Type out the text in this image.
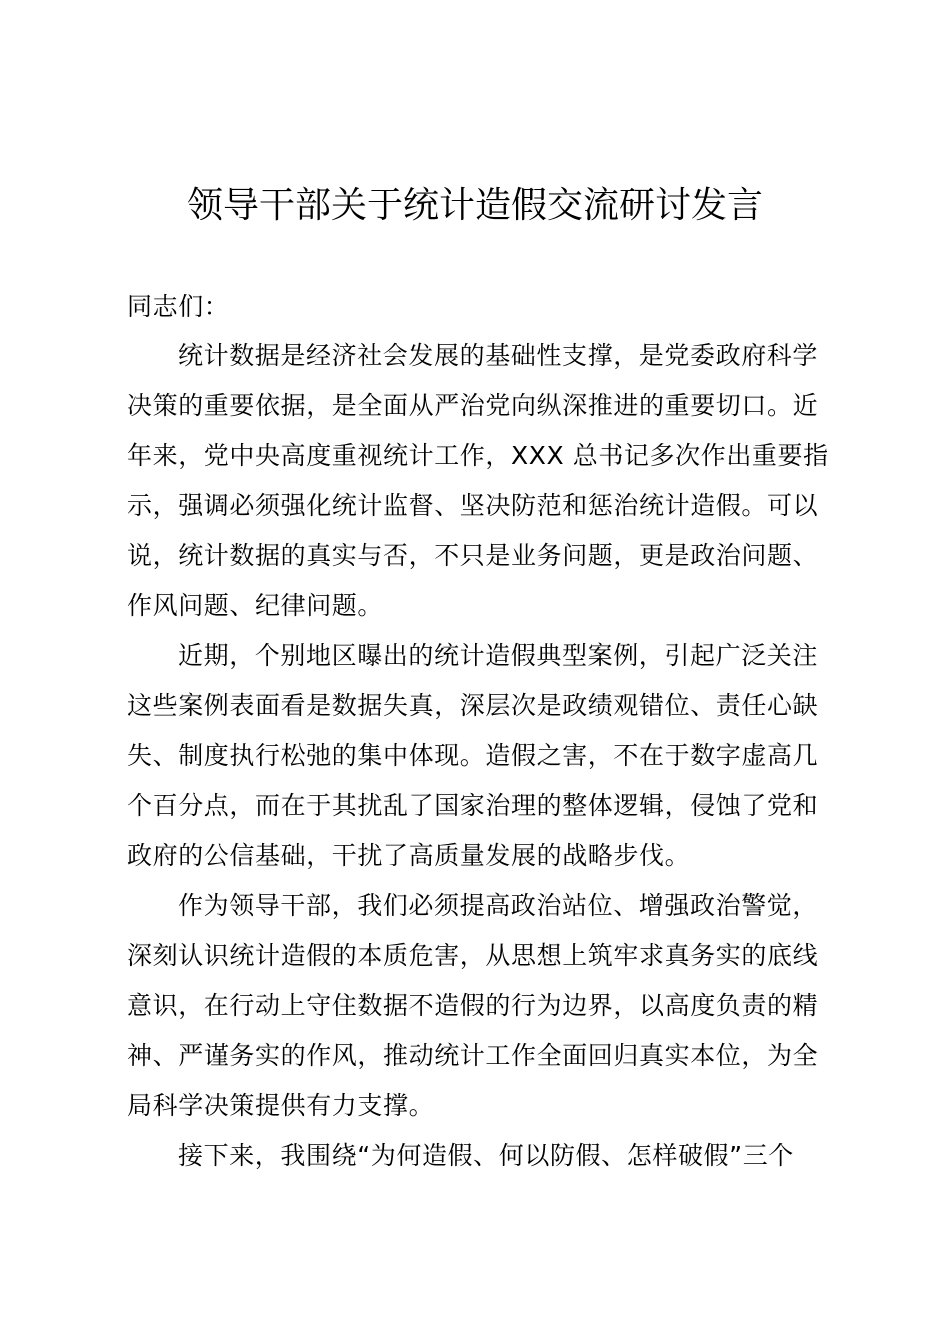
领导干部关于统计造假交流研讨发言
同志们：
统计数据是经济社会发展的基础性支撑，是党委政府科学
决策的重要依据，是全面从严治党向纵深推进的重要切口。近
年来，党中央高度重视统计工作，XXX 总书记多次作出重要指
示，强调必须强化统计监督、坚决防范和惩治统计造假。可以
说，统计数据的真实与否，不只是业务问题，更是政治问题、
作风问题、纪律问题。
近期，个别地区曝出的统计造假典型案例，引起广泛关注
这些案例表面看是数据失真，深层次是政绩观错位、责任心缺
失、制度执行松弛的集中体现。造假之害，不在于数字虚高几
个百分点，而在于其扰乱了国家治理的整体逻辑，侵蚀了党和
政府的公信基础，干扰了高质量发展的战略步伐。
作为领导干部，我们必须提高政治站位、增强政治警觉，
深刻认识统计造假的本质危害，从思想上筑牢求真务实的底线
意识，在行动上守住数据不造假的行为边界，以高度负责的精
神、严谨务实的作风，推动统计工作全面回归真实本位，为全
局科学决策提供有力支撑。
接下来，我围绕“为何造假、何以防假、怎样破假”三个
